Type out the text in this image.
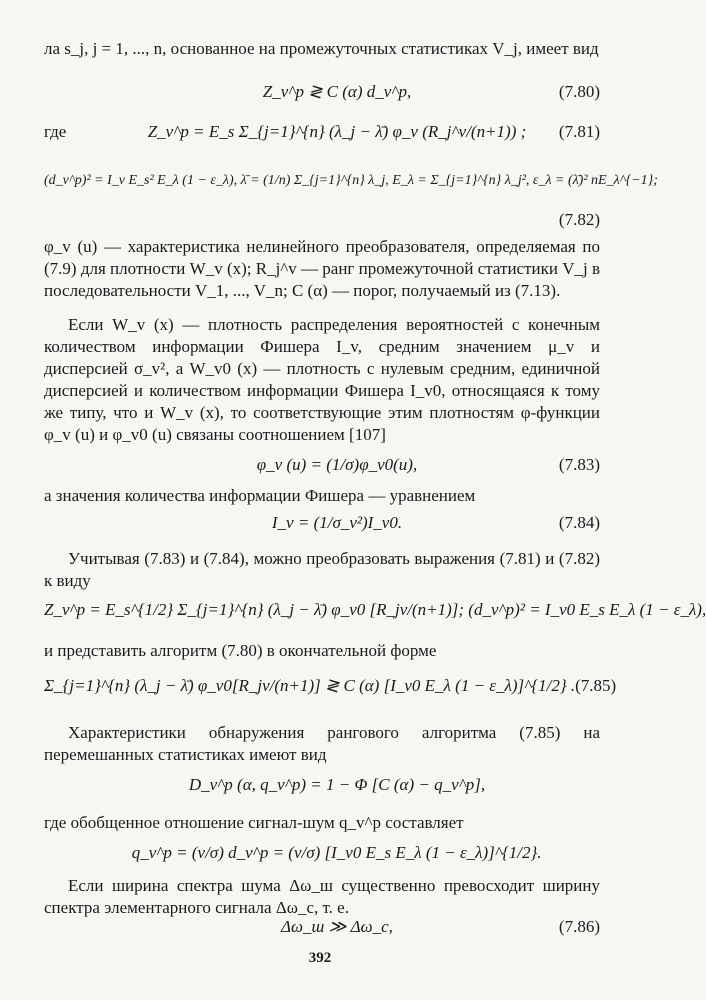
ла s_j, j = 1, ..., n, основанное на промежуточных статистиках V_j, имеет вид
Z_v^р ≷ C (α) d_v^р,	(7.80)
где	Z_v^р = E_s Σ_{j=1}^{n} (λ_j − λ̄) φ_v (R_j^v/(n+1)) ;	(7.81)
(d_v^р)² = I_v E_s² E_λ (1 − ε_λ), λ̄ = (1/n) Σ_{j=1}^{n} λ_j, E_λ = Σ_{j=1}^{n} λ_j², ε_λ = (λ̄)² nE_λ^{−1};
(7.82)
φ_v (u) — характеристика нелинейного преобразователя, определяемая по (7.9) для плотности W_v (x); R_j^v — ранг промежуточной статистики V_j в последовательности V_1, ..., V_n; C (α) — порог, получаемый из (7.13).
Если W_v (x) — плотность распределения вероятностей с конечным количеством информации Фишера I_v, средним значением μ_v и дисперсией σ_v², а W_v0 (x) — плотность с нулевым средним, единичной дисперсией и количеством информации Фишера I_v0, относящаяся к тому же типу, что и W_v (x), то соответствующие этим плотностям φ-функции φ_v (u) и φ_v0 (u) связаны соотношением [107]
φ_v (u) = (1/σ)φ_v0(u),	(7.83)
а значения количества информации Фишера — уравнением
I_v = (1/σ_v²)I_v0.	(7.84)
Учитывая (7.83) и (7.84), можно преобразовать выражения (7.81) и (7.82) к виду
Z_v^р = E_s^{1/2} Σ_{j=1}^{n} (λ_j − λ̄) φ_v0 [R_jv/(n+1)]; (d_v^р)² = I_v0 E_s E_λ (1 − ε_λ),
и представить алгоритм (7.80) в окончательной форме
Σ_{j=1}^{n} (λ_j − λ̄) φ_v0[R_jv/(n+1)] ≷ C (α) [I_v0 E_λ (1 − ε_λ)]^{1/2} . (7.85)
Характеристики обнаружения рангового алгоритма (7.85) на перемешанных статистиках имеют вид
D_v^р (α, q_v^р) = 1 − Φ [C (α) − q_v^р],
где обобщенное отношение сигнал-шум q_v^р составляет
q_v^р = (ν/σ) d_v^р = (ν/σ) [I_v0 E_s E_λ (1 − ε_λ)]^{1/2}.
Если ширина спектра шума Δω_ш существенно превосходит ширину спектра элементарного сигнала Δω_с, т. е.
Δω_ш ≫ Δω_с,	(7.86)
392
